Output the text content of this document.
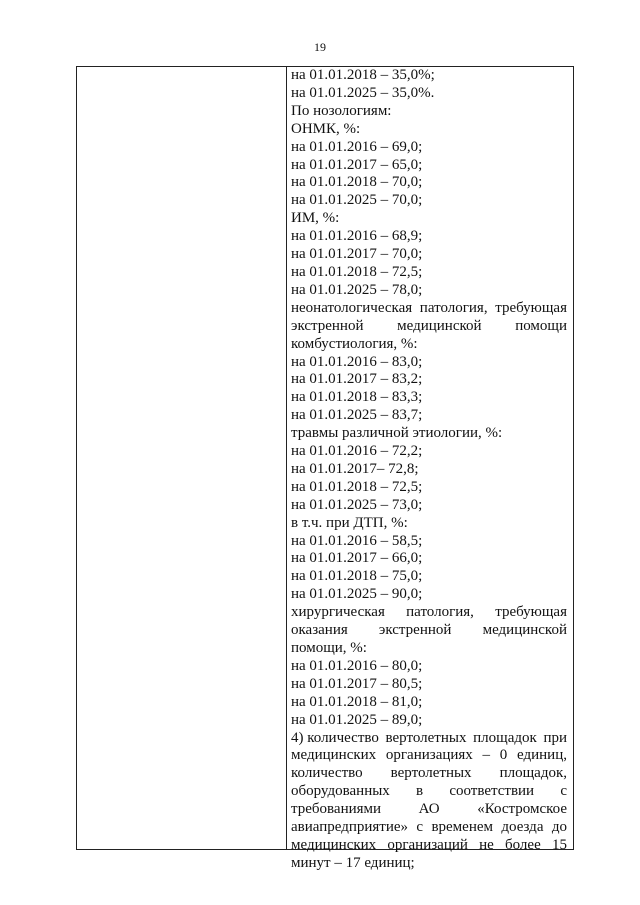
19
на 01.01.2018 – 35,0%;
на 01.01.2025 – 35,0%.
По нозологиям:
ОНМК, %:
на 01.01.2016 – 69,0;
на 01.01.2017 – 65,0;
на 01.01.2018 – 70,0;
на 01.01.2025 – 70,0;
ИМ, %:
на 01.01.2016 – 68,9;
на 01.01.2017 – 70,0;
на 01.01.2018 – 72,5;
на 01.01.2025 – 78,0;
неонатологическая патология, требующая
экстренной медицинской помощи
комбустиология, %:
на 01.01.2016 – 83,0;
на 01.01.2017 – 83,2;
на 01.01.2018 – 83,3;
на 01.01.2025 – 83,7;
травмы различной этиологии, %:
на 01.01.2016 – 72,2;
на 01.01.2017– 72,8;
на 01.01.2018 – 72,5;
на 01.01.2025 – 73,0;
в т.ч. при ДТП, %:
на 01.01.2016 – 58,5;
на 01.01.2017 – 66,0;
на 01.01.2018 – 75,0;
на 01.01.2025 – 90,0;
хирургическая патология, требующая
оказания экстренной медицинской
помощи, %:
на 01.01.2016 – 80,0;
на 01.01.2017 – 80,5;
на 01.01.2018 – 81,0;
на 01.01.2025 – 89,0;
4) количество вертолетных площадок при
медицинских организациях – 0 единиц,
количество вертолетных площадок,
оборудованных в соответствии с
требованиями	АО	«Костромское
авиапредприятие» с временем доезда до
медицинских организаций не более 15
минут – 17 единиц;
